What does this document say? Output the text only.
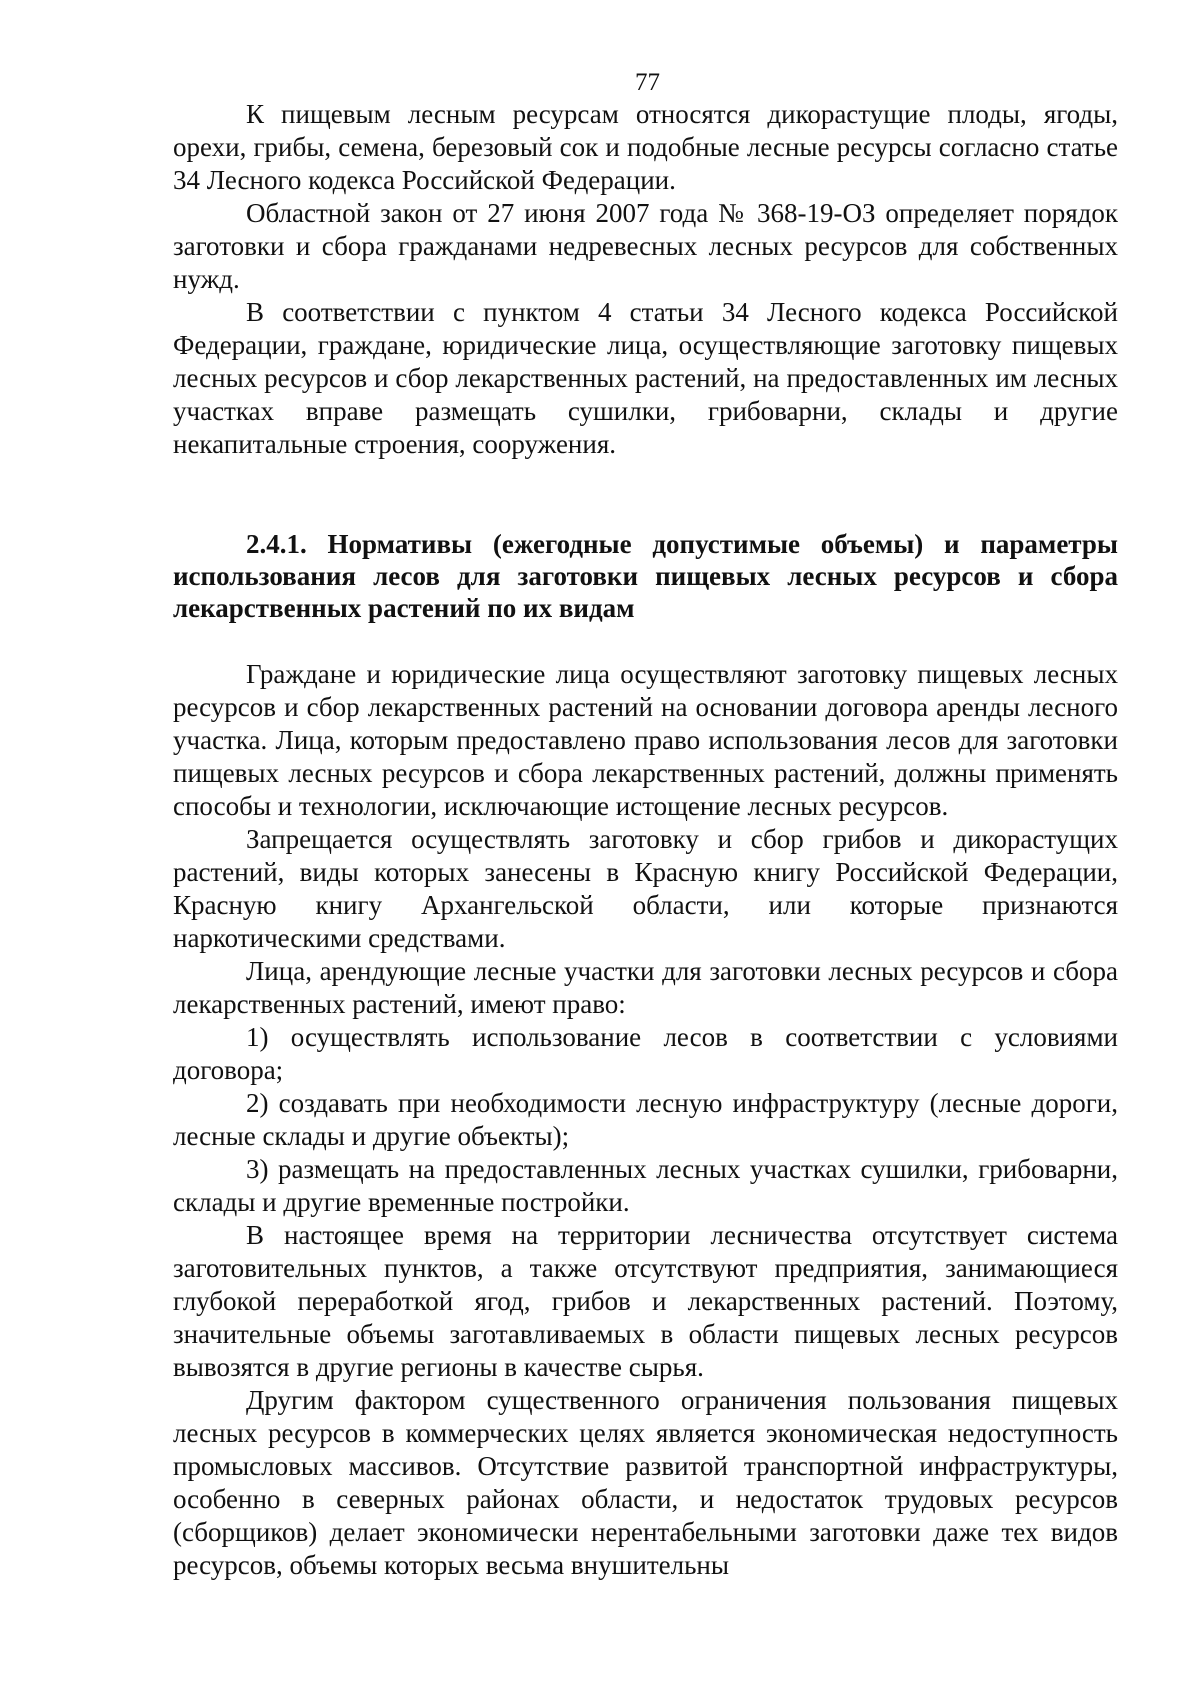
77

К пищевым лесным ресурсам относятся дикорастущие плоды, ягоды, орехи, грибы, семена, березовый сок и подобные лесные ресурсы согласно статье 34 Лесного кодекса Российской Федерации.

Областной закон от 27 июня 2007 года № 368-19-ОЗ определяет порядок заготовки и сбора гражданами недревесных лесных ресурсов для собственных нужд.

В соответствии с пунктом 4 статьи 34 Лесного кодекса Российской Федерации, граждане, юридические лица, осуществляющие заготовку пищевых лесных ресурсов и сбор лекарственных растений, на предоставленных им лесных участках вправе размещать сушилки, грибоварни, склады и другие некапитальные строения, сооружения.

2.4.1. Нормативы (ежегодные допустимые объемы) и параметры использования лесов для заготовки пищевых лесных ресурсов и сбора лекарственных растений по их видам

Граждане и юридические лица осуществляют заготовку пищевых лесных ресурсов и сбор лекарственных растений на основании договора аренды лесного участка. Лица, которым предоставлено право использования лесов для заготовки пищевых лесных ресурсов и сбора лекарственных растений, должны применять способы и технологии, исключающие истощение лесных ресурсов.

Запрещается осуществлять заготовку и сбор грибов и дикорастущих растений, виды которых занесены в Красную книгу Российской Федерации, Красную книгу Архангельской области, или которые признаются наркотическими средствами.

Лица, арендующие лесные участки для заготовки лесных ресурсов и сбора лекарственных растений, имеют право:

1) осуществлять использование лесов в соответствии с условиями договора;

2) создавать при необходимости лесную инфраструктуру (лесные дороги, лесные склады и другие объекты);

3) размещать на предоставленных лесных участках сушилки, грибоварни, склады и другие временные постройки.

В настоящее время на территории лесничества отсутствует система заготовительных пунктов, а также отсутствуют предприятия, занимающиеся глубокой переработкой ягод, грибов и лекарственных растений. Поэтому, значительные объемы заготавливаемых в области пищевых лесных ресурсов вывозятся в другие регионы в качестве сырья.

Другим фактором существенного ограничения пользования пищевых лесных ресурсов в коммерческих целях является экономическая недоступность промысловых массивов. Отсутствие развитой транспортной инфраструктуры, особенно в северных районах области, и недостаток трудовых ресурсов (сборщиков) делает экономически нерентабельными заготовки даже тех видов ресурсов, объемы которых весьма внушительны
